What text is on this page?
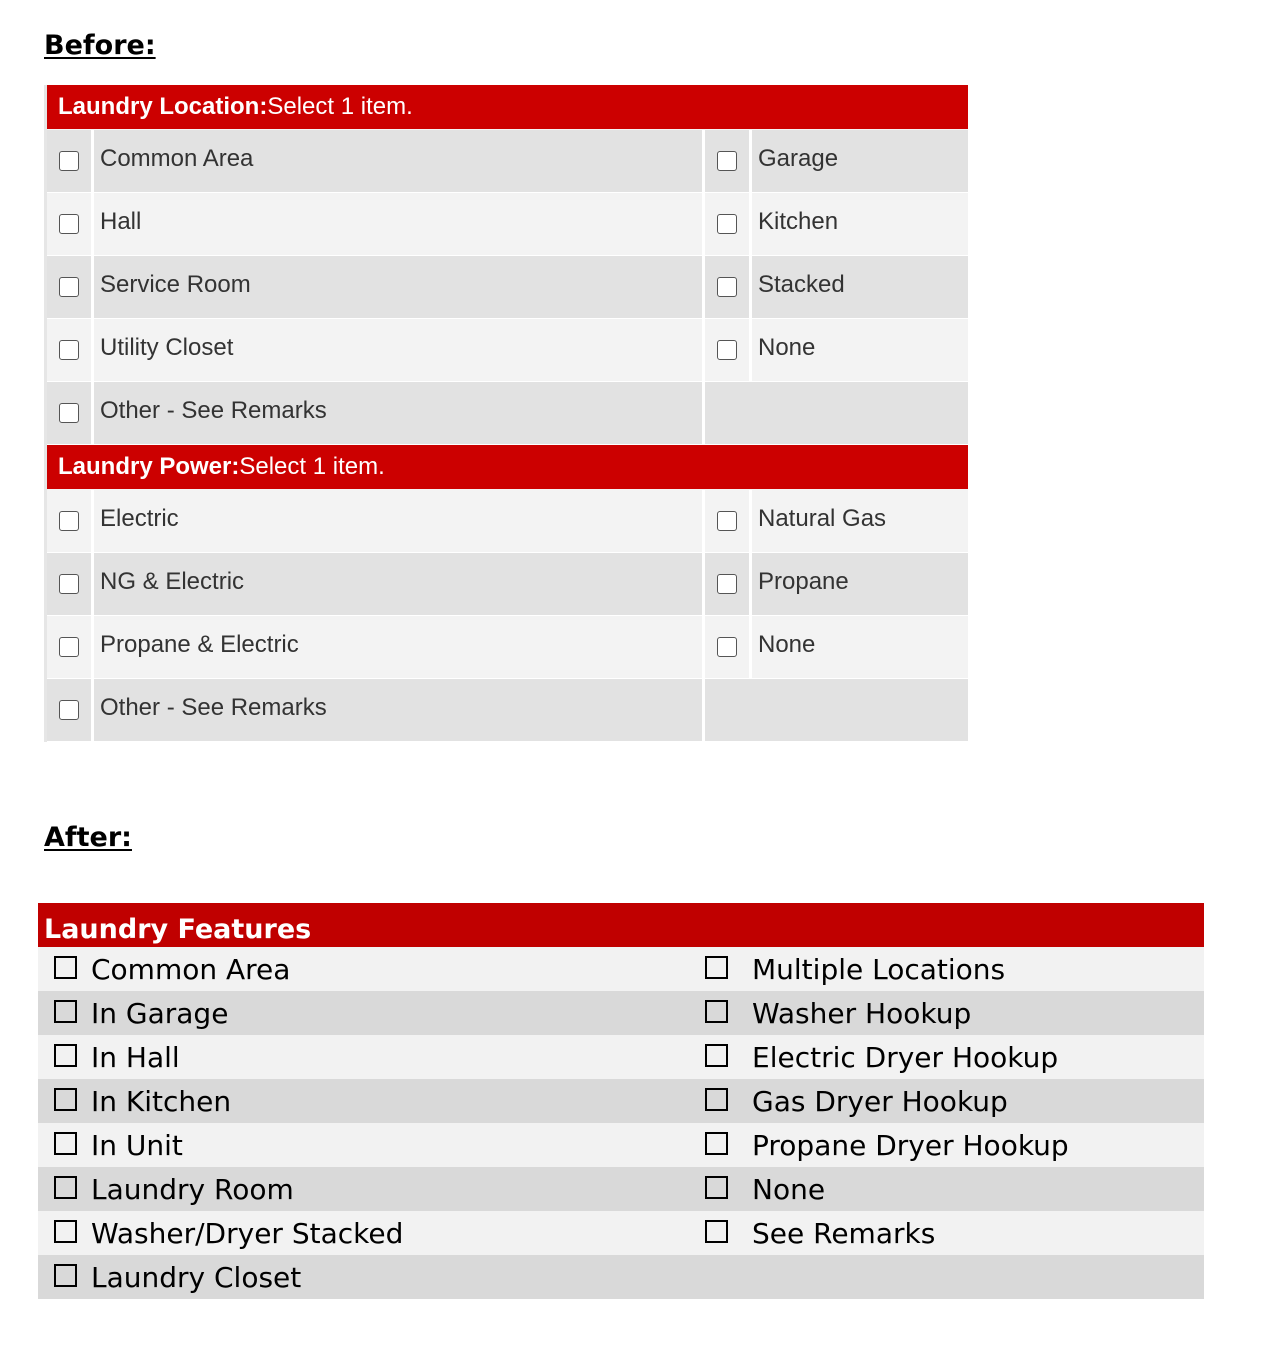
Before:
Laundry Location: Select 1 item.
Common Area	Garage
Hall	Kitchen
Service Room	Stacked
Utility Closet	None
Other - See Remarks
Laundry Power: Select 1 item.
Electric	Natural Gas
NG & Electric	Propane
Propane & Electric	None
Other - See Remarks
After:
Laundry Features
Common Area	Multiple Locations
In Garage	Washer Hookup
In Hall	Electric Dryer Hookup
In Kitchen	Gas Dryer Hookup
In Unit	Propane Dryer Hookup
Laundry Room	None
Washer/Dryer Stacked	See Remarks
Laundry Closet
